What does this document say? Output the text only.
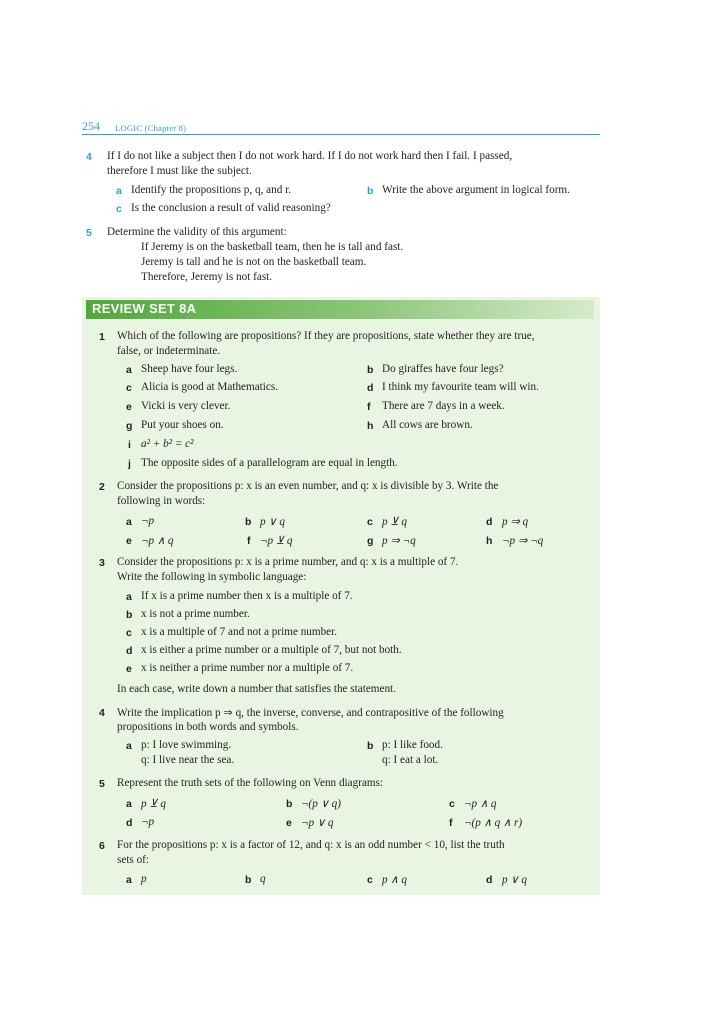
254 LOGIC (Chapter 8)
4 If I do not like a subject then I do not work hard. If I do not work hard then I fail. I passed,
therefore I must like the subject.
a Identify the propositions p, q, and r.	b Write the above argument in logical form.
c Is the conclusion a result of valid reasoning?
5 Determine the validity of this argument:
If Jeremy is on the basketball team, then he is tall and fast.
Jeremy is tall and he is not on the basketball team.
Therefore, Jeremy is not fast.
REVIEW SET 8A
1 Which of the following are propositions? If they are propositions, state whether they are true,
false, or indeterminate.
a Sheep have four legs.	b Do giraffes have four legs?
c Alicia is good at Mathematics.	d I think my favourite team will win.
e Vicki is very clever.	f There are 7 days in a week.
g Put your shoes on.	h All cows are brown.
i a² + b² = c²
j The opposite sides of a parallelogram are equal in length.
2 Consider the propositions p: x is an even number, and q: x is divisible by 3. Write the
following in words:
a ¬p	b p ∨ q	c p ⊻ q	d p ⇒ q
e ¬p ∧ q	f ¬p ⊻ q	g p ⇒ ¬q	h ¬p ⇒ ¬q
3 Consider the propositions p: x is a prime number, and q: x is a multiple of 7.
Write the following in symbolic language:
a If x is a prime number then x is a multiple of 7.
b x is not a prime number.
c x is a multiple of 7 and not a prime number.
d x is either a prime number or a multiple of 7, but not both.
e x is neither a prime number nor a multiple of 7.
In each case, write down a number that satisfies the statement.
4 Write the implication p ⇒ q, the inverse, converse, and contrapositive of the following
propositions in both words and symbols.
a p: I love swimming.
q: I live near the sea.
b p: I like food.
q: I eat a lot.
5 Represent the truth sets of the following on Venn diagrams:
a p ⊻ q	b ¬(p ∨ q)	c ¬p ∧ q
d ¬p	e ¬p ∨ q	f ¬(p ∧ q ∧ r)
6 For the propositions p: x is a factor of 12, and q: x is an odd number < 10, list the truth
sets of:
a p	b q	c p ∧ q	d p ∨ q
